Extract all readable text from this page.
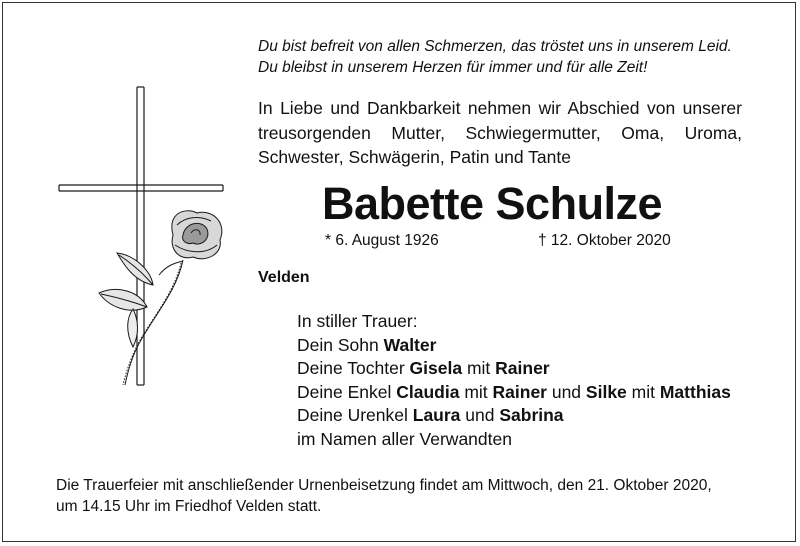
Du bist befreit von allen Schmerzen, das tröstet uns in unserem Leid.
Du bleibst in unserem Herzen für immer und für alle Zeit!
In Liebe und Dankbarkeit nehmen wir Abschied von unserer treusorgenden Mutter, Schwiegermutter, Oma, Uroma, Schwester, Schwägerin, Patin und Tante
Babette Schulze
* 6. August 1926	† 12. Oktober 2020
Velden
In stiller Trauer:
Dein Sohn Walter
Deine Tochter Gisela mit Rainer
Deine Enkel Claudia mit Rainer und Silke mit Matthias
Deine Urenkel Laura und Sabrina
im Namen aller Verwandten
Die Trauerfeier mit anschließender Urnenbeisetzung findet am Mittwoch, den 21. Oktober 2020,
um 14.15 Uhr im Friedhof Velden statt.
